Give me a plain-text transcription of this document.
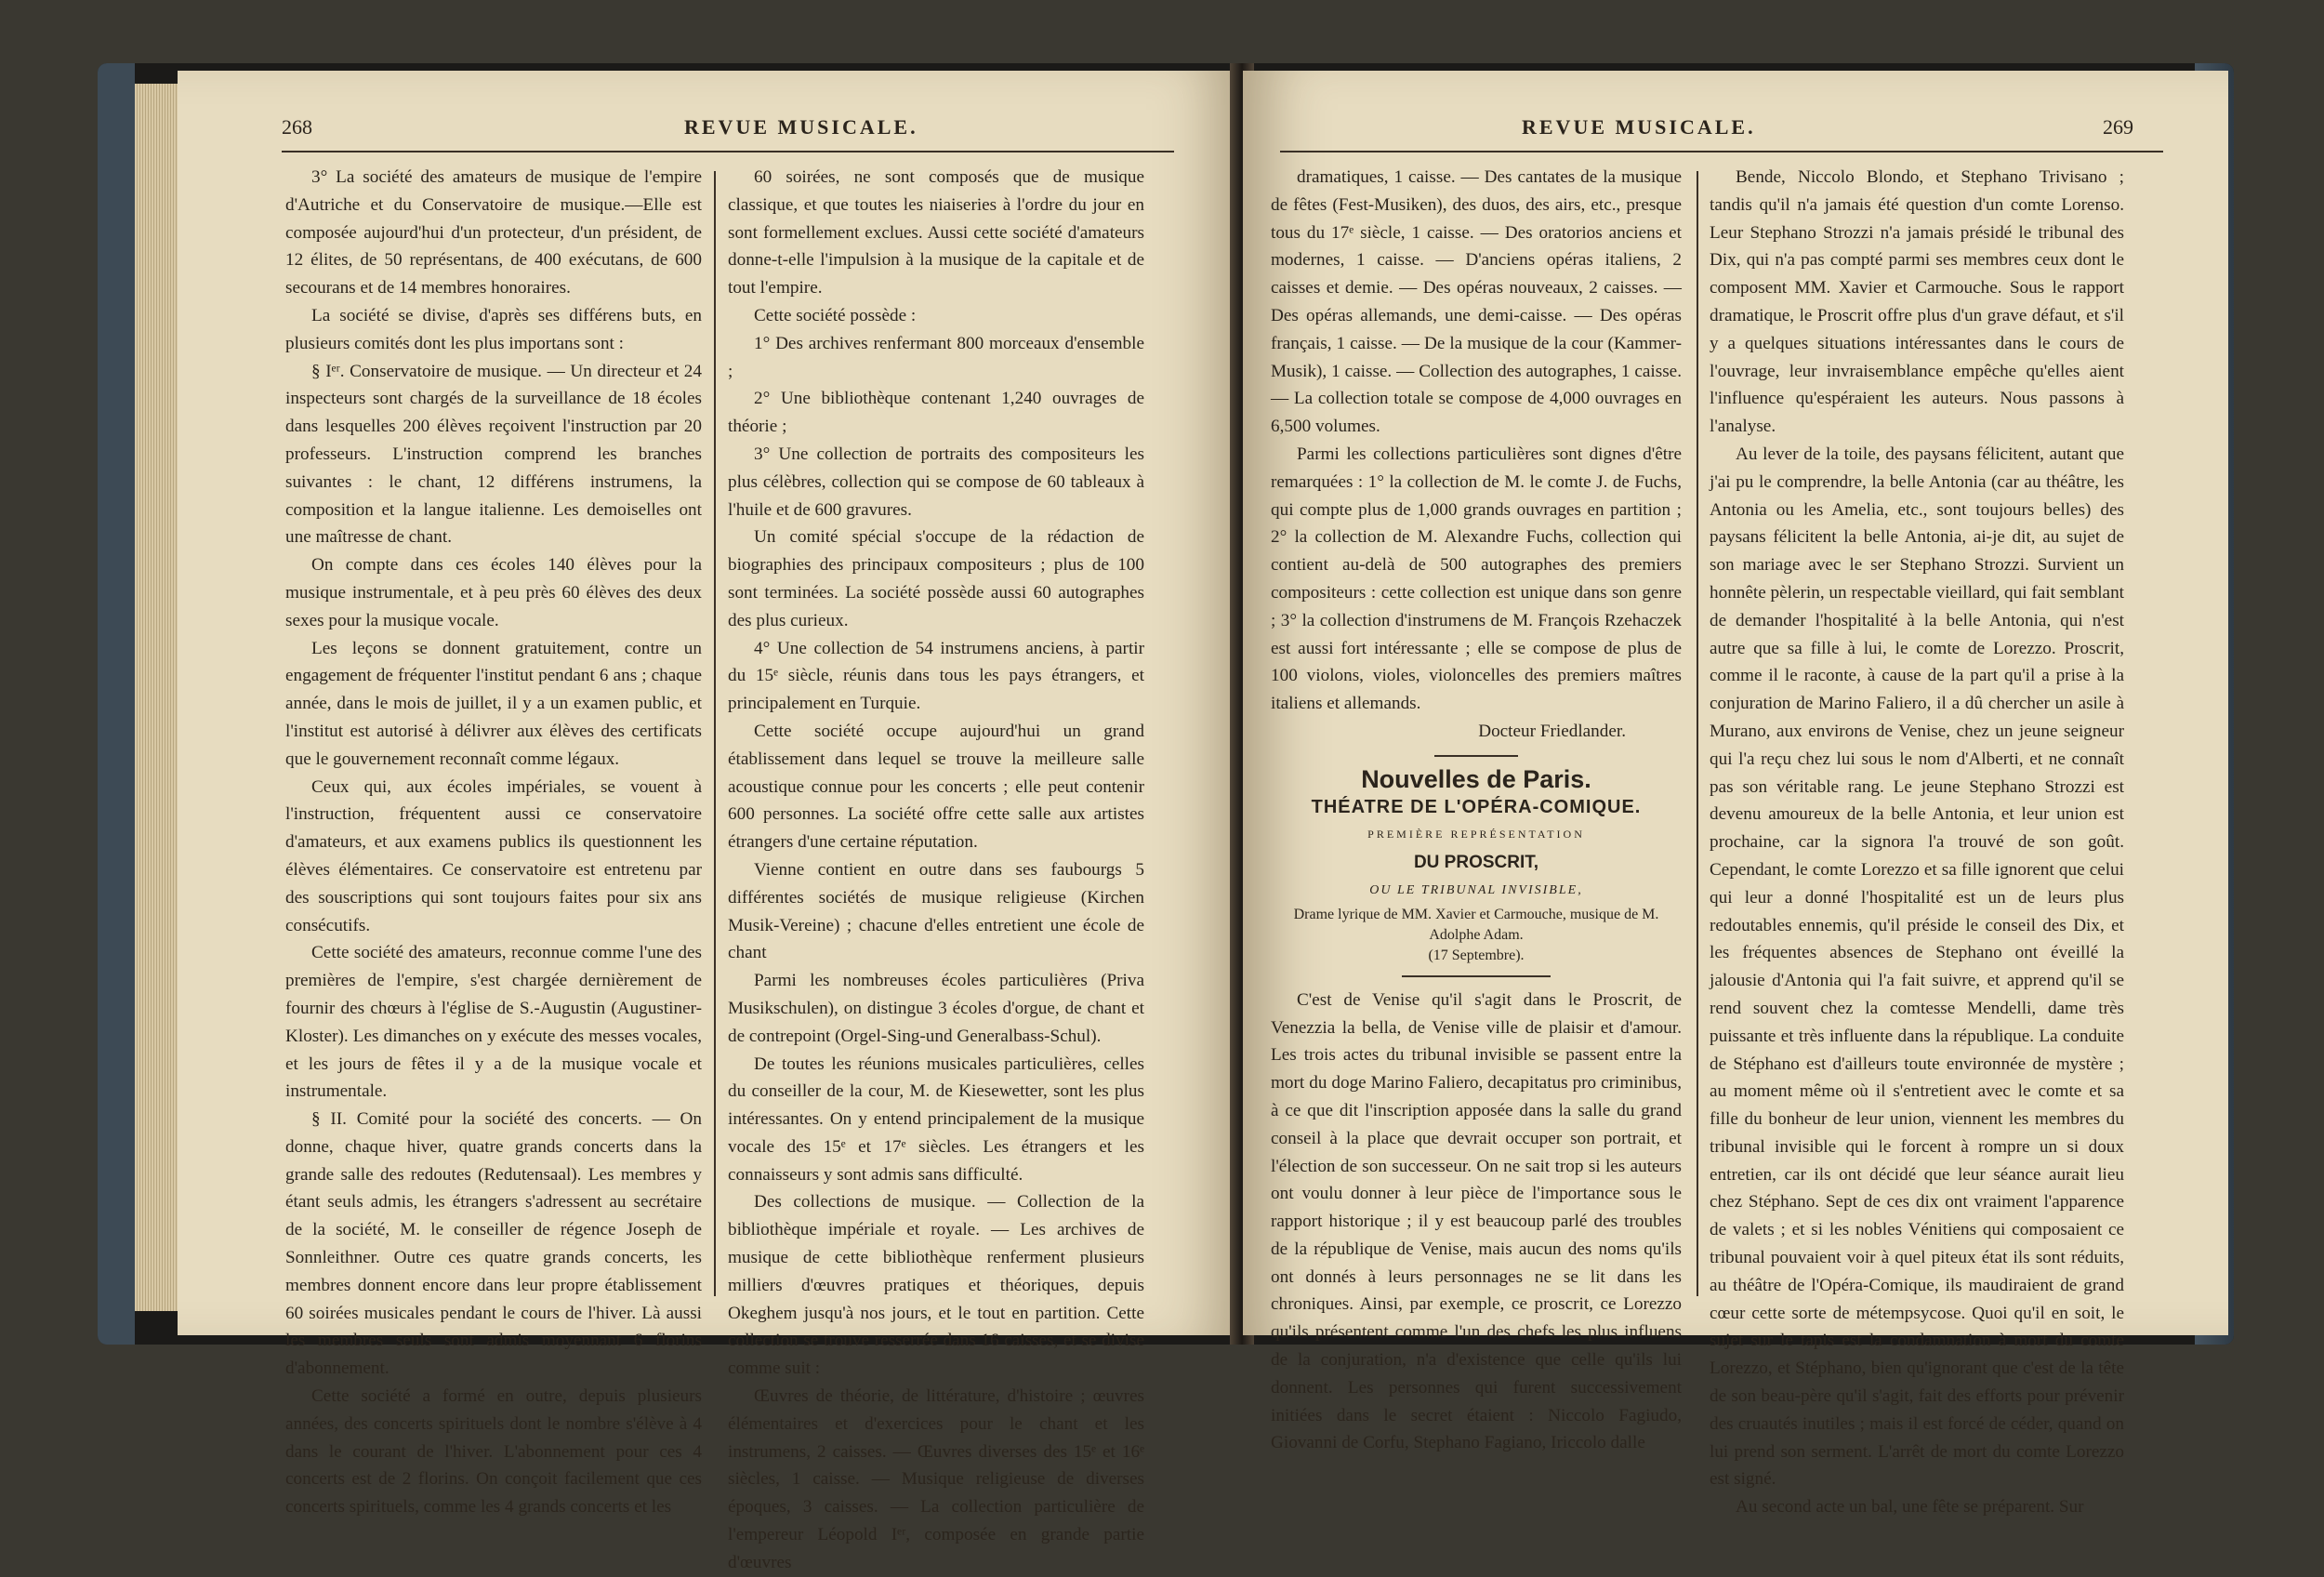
268	REVUE MUSICALE.

3° La société des amateurs de musique de l'empire d'Autriche et du Conservatoire de musique.—Elle est composée aujourd'hui d'un protecteur, d'un président, de 12 élites, de 50 représentans, de 400 exécutans, de 600 secourans et de 14 membres honoraires.

La société se divise, d'après ses différens buts, en plusieurs comités dont les plus importans sont :

§ Iᵉʳ. Conservatoire de musique. — Un directeur et 24 inspecteurs sont chargés de la surveillance de 18 écoles dans lesquelles 200 élèves reçoivent l'instruction par 20 professeurs. L'instruction comprend les branches suivantes : le chant, 12 différens instrumens, la composition et la langue italienne. Les demoiselles ont une maîtresse de chant.

On compte dans ces écoles 140 élèves pour la musique instrumentale, et à peu près 60 élèves des deux sexes pour la musique vocale.

Les leçons se donnent gratuitement, contre un engagement de fréquenter l'institut pendant 6 ans ; chaque année, dans le mois de juillet, il y a un examen public, et l'institut est autorisé à délivrer aux élèves des certificats que le gouvernement reconnaît comme légaux.

Ceux qui, aux écoles impériales, se vouent à l'instruction, fréquentent aussi ce conservatoire d'amateurs, et aux examens publics ils questionnent les élèves élémentaires. Ce conservatoire est entretenu par des souscriptions qui sont toujours faites pour six ans consécutifs.

Cette société des amateurs, reconnue comme l'une des premières de l'empire, s'est chargée dernièrement de fournir des chœurs à l'église de S.-Augustin (Augustiner-Kloster). Les dimanches on y exécute des messes vocales, et les jours de fêtes il y a de la musique vocale et instrumentale.

§ II. Comité pour la société des concerts. — On donne, chaque hiver, quatre grands concerts dans la grande salle des redoutes (Redutensaal). Les membres y étant seuls admis, les étrangers s'adressent au secrétaire de la société, M. le conseiller de régence Joseph de Sonnleithner. Outre ces quatre grands concerts, les membres donnent encore dans leur propre établissement 60 soirées musicales pendant le cours de l'hiver. Là aussi les membres seuls sont admis moyennant 6 florins d'abonnement.

Cette société a formé en outre, depuis plusieurs années, des concerts spirituels dont le nombre s'élève à 4 dans le courant de l'hiver. L'abonnement pour ces 4 concerts est de 2 florins. On conçoit facilement que ces concerts spirituels, comme les 4 grands concerts et les

60 soirées, ne sont composés que de musique classique, et que toutes les niaiseries à l'ordre du jour en sont formellement exclues. Aussi cette société d'amateurs donne-t-elle l'impulsion à la musique de la capitale et de tout l'empire.

Cette société possède :

1° Des archives renfermant 800 morceaux d'ensemble ;

2° Une bibliothèque contenant 1,240 ouvrages de théorie ;

3° Une collection de portraits des compositeurs les plus célèbres, collection qui se compose de 60 tableaux à l'huile et de 600 gravures.

Un comité spécial s'occupe de la rédaction de biographies des principaux compositeurs ; plus de 100 sont terminées. La société possède aussi 60 autographes des plus curieux.

4° Une collection de 54 instrumens anciens, à partir du 15ᵉ siècle, réunis dans tous les pays étrangers, et principalement en Turquie.

Cette société occupe aujourd'hui un grand établissement dans lequel se trouve la meilleure salle acoustique connue pour les concerts ; elle peut contenir 600 personnes. La société offre cette salle aux artistes étrangers d'une certaine réputation.

Vienne contient en outre dans ses faubourgs 5 différentes sociétés de musique religieuse (Kirchen Musik-Vereine) ; chacune d'elles entretient une école de chant

Parmi les nombreuses écoles particulières (Priva Musikschulen), on distingue 3 écoles d'orgue, de chant et de contrepoint (Orgel-Sing-und Generalbass-Schul).

De toutes les réunions musicales particulières, celles du conseiller de la cour, M. de Kiesewetter, sont les plus intéressantes. On y entend principalement de la musique vocale des 15ᵉ et 17ᵉ siècles. Les étrangers et les connaisseurs y sont admis sans difficulté.

Des collections de musique. — Collection de la bibliothèque impériale et royale. — Les archives de musique de cette bibliothèque renferment plusieurs milliers d'œuvres pratiques et théoriques, depuis Okeghem jusqu'à nos jours, et le tout en partition. Cette collection se trouve resserrée dans 16 caisses, et se divise comme suit :

Œuvres de théorie, de littérature, d'histoire ; œuvres élémentaires et d'exercices pour le chant et les instrumens, 2 caisses. — Œuvres diverses des 15ᵉ et 16ᵉ siècles, 1 caisse. — Musique religieuse de diverses époques, 3 caisses. — La collection particulière de l'empereur Léopold Iᵉʳ, composée en grande partie d'œuvres

REVUE MUSICALE.	269

dramatiques, 1 caisse. — Des cantates de la musique de fêtes (Fest-Musiken), des duos, des airs, etc., presque tous du 17ᵉ siècle, 1 caisse. — Des oratorios anciens et modernes, 1 caisse. — D'anciens opéras italiens, 2 caisses et demie. — Des opéras nouveaux, 2 caisses. — Des opéras allemands, une demi-caisse. — Des opéras français, 1 caisse. — De la musique de la cour (Kammer-Musik), 1 caisse. — Collection des autographes, 1 caisse. — La collection totale se compose de 4,000 ouvrages en 6,500 volumes.

Parmi les collections particulières sont dignes d'être remarquées : 1° la collection de M. le comte J. de Fuchs, qui compte plus de 1,000 grands ouvrages en partition ; 2° la collection de M. Alexandre Fuchs, collection qui contient au-delà de 500 autographes des premiers compositeurs : cette collection est unique dans son genre ; 3° la collection d'instrumens de M. François Rzehaczek est aussi fort intéressante ; elle se compose de plus de 100 violons, violes, violoncelles des premiers maîtres italiens et allemands.

Docteur Friedlander.

Nouvelles de Paris.

THÉATRE DE L'OPÉRA-COMIQUE.

PREMIÈRE REPRÉSENTATION

DU PROSCRIT,

OU LE TRIBUNAL INVISIBLE,

Drame lyrique de MM. Xavier et Carmouche, musique de M. Adolphe Adam.

(17 Septembre).

C'est de Venise qu'il s'agit dans le Proscrit, de Venezzia la bella, de Venise ville de plaisir et d'amour. Les trois actes du tribunal invisible se passent entre la mort du doge Marino Faliero, decapitatus pro criminibus, à ce que dit l'inscription apposée dans la salle du grand conseil à la place que devrait occuper son portrait, et l'élection de son successeur. On ne sait trop si les auteurs ont voulu donner à leur pièce de l'importance sous le rapport historique ; il y est beaucoup parlé des troubles de la république de Venise, mais aucun des noms qu'ils ont donnés à leurs personnages ne se lit dans les chroniques. Ainsi, par exemple, ce proscrit, ce Lorezzo qu'ils présentent comme l'un des chefs les plus influens de la conjuration, n'a d'existence que celle qu'ils lui donnent. Les personnes qui furent successivement initiées dans le secret étaient : Niccolo Fagiudo, Giovanni de Corfu, Stephano Fagiano, Iriccolo dalle

Bende, Niccolo Blondo, et Stephano Trivisano ; tandis qu'il n'a jamais été question d'un comte Lorenso. Leur Stephano Strozzi n'a jamais présidé le tribunal des Dix, qui n'a pas compté parmi ses membres ceux dont le composent MM. Xavier et Carmouche. Sous le rapport dramatique, le Proscrit offre plus d'un grave défaut, et s'il y a quelques situations intéressantes dans le cours de l'ouvrage, leur invraisemblance empêche qu'elles aient l'influence qu'espéraient les auteurs. Nous passons à l'analyse.

Au lever de la toile, des paysans félicitent, autant que j'ai pu le comprendre, la belle Antonia (car au théâtre, les Antonia ou les Amelia, etc., sont toujours belles) des paysans félicitent la belle Antonia, ai-je dit, au sujet de son mariage avec le ser Stephano Strozzi. Survient un honnête pèlerin, un respectable vieillard, qui fait semblant de demander l'hospitalité à la belle Antonia, qui n'est autre que sa fille à lui, le comte de Lorezzo. Proscrit, comme il le raconte, à cause de la part qu'il a prise à la conjuration de Marino Faliero, il a dû chercher un asile à Murano, aux environs de Venise, chez un jeune seigneur qui l'a reçu chez lui sous le nom d'Alberti, et ne connaît pas son véritable rang. Le jeune Stephano Strozzi est devenu amoureux de la belle Antonia, et leur union est prochaine, car la signora l'a trouvé de son goût. Cependant, le comte Lorezzo et sa fille ignorent que celui qui leur a donné l'hospitalité est un de leurs plus redoutables ennemis, qu'il préside le conseil des Dix, et les fréquentes absences de Stephano ont éveillé la jalousie d'Antonia qui l'a fait suivre, et apprend qu'il se rend souvent chez la comtesse Mendelli, dame très puissante et très influente dans la république. La conduite de Stéphano est d'ailleurs toute environnée de mystère ; au moment même où il s'entretient avec le comte et sa fille du bonheur de leur union, viennent les membres du tribunal invisible qui le forcent à rompre un si doux entretien, car ils ont décidé que leur séance aurait lieu chez Stéphano. Sept de ces dix ont vraiment l'apparence de valets ; et si les nobles Vénitiens qui composaient ce tribunal pouvaient voir à quel piteux état ils sont réduits, au théâtre de l'Opéra-Comique, ils maudiraient de grand cœur cette sorte de métempsycose. Quoi qu'il en soit, le sujet sur le tapis est la condamnation à mort du comte Lorezzo, et Stéphano, bien qu'ignorant que c'est de la tête de son beau-père qu'il s'agit, fait des efforts pour prévenir des cruautés inutiles ; mais il est forcé de céder, quand on lui prend son serment. L'arrêt de mort du comte Lorezzo est signé.

Au second acte un bal, une fête se préparent. Sur
